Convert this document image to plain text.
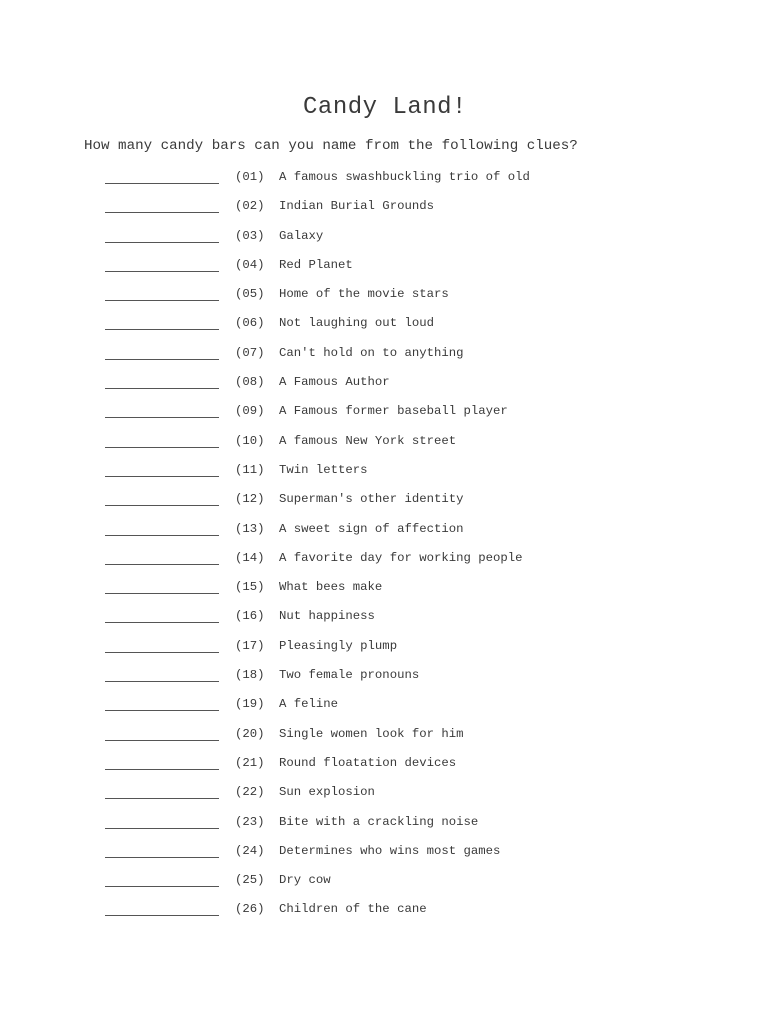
Candy Land!
How many candy bars can you name from the following clues?
(01) A famous swashbuckling trio of old
(02) Indian Burial Grounds
(03) Galaxy
(04) Red Planet
(05) Home of the movie stars
(06) Not laughing out loud
(07) Can't hold on to anything
(08) A Famous Author
(09) A Famous former baseball player
(10) A famous New York street
(11) Twin letters
(12) Superman's other identity
(13) A sweet sign of affection
(14) A favorite day for working people
(15) What bees make
(16) Nut happiness
(17) Pleasingly plump
(18) Two female pronouns
(19) A feline
(20) Single women look for him
(21) Round floatation devices
(22) Sun explosion
(23) Bite with a crackling noise
(24) Determines who wins most games
(25) Dry cow
(26) Children of the cane
